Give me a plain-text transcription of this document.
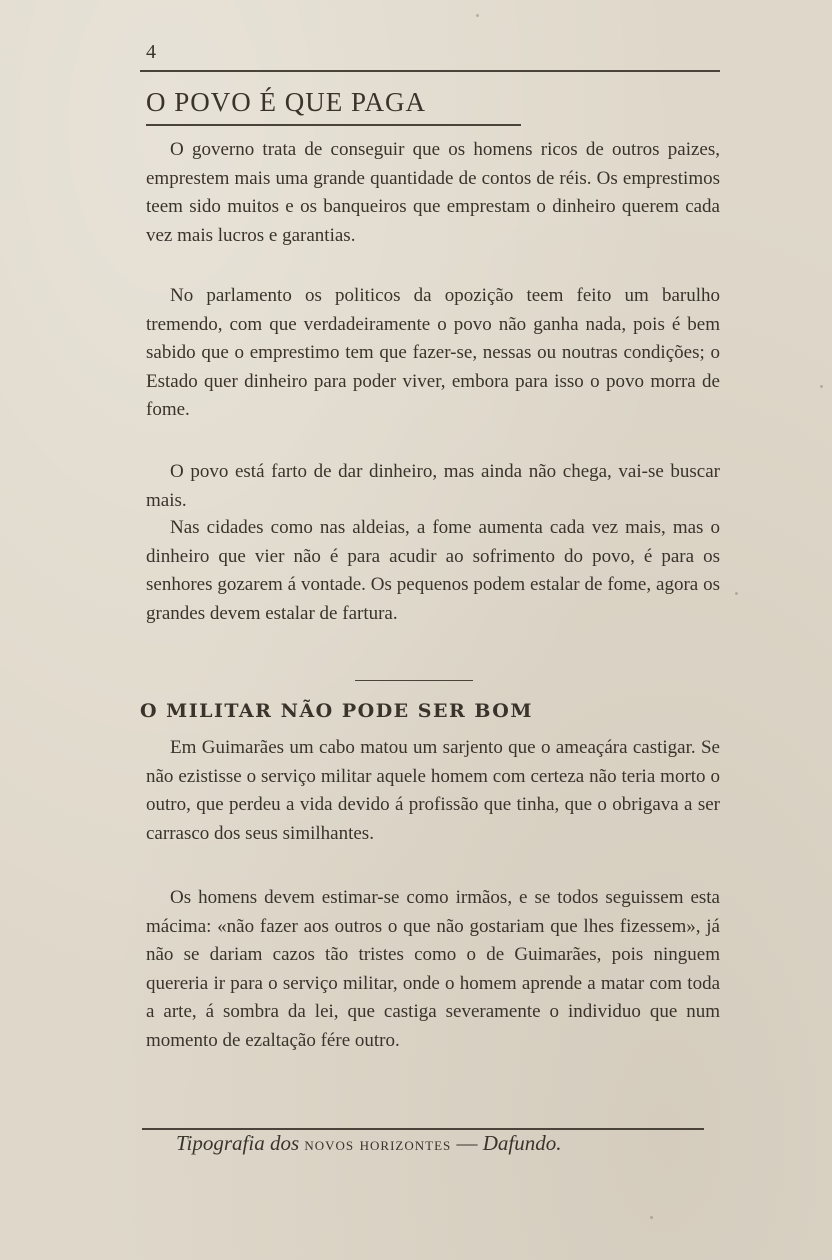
4
O POVO É QUE PAGA

O governo trata de conseguir que os homens ricos de outros paizes, emprestem mais uma grande quantidade de contos de réis. Os emprestimos teem sido muitos e os banqueiros que emprestam o dinheiro querem cada vez mais lucros e garantias.

No parlamento os politicos da opozição teem feito um barulho tremendo, com que verdadeiramente o povo não ganha nada, pois é bem sabido que o emprestimo tem que fazer-se, nessas ou noutras condições; o Estado quer dinheiro para poder viver, embora para isso o povo morra de fome.

O povo está farto de dar dinheiro, mas ainda não chega, vai-se buscar mais.

Nas cidades como nas aldeias, a fome aumenta cada vez mais, mas o dinheiro que vier não é para acudir ao sofrimento do povo, é para os senhores gozarem á vontade. Os pequenos podem estalar de fome, agora os grandes devem estalar de fartura.

O MILITAR NÃO PODE SER BOM

Em Guimarães um cabo matou um sarjento que o ameaçára castigar. Se não ezistisse o serviço militar aquele homem com certeza não teria morto o outro, que perdeu a vida devido á profissão que tinha, que o obrigava a ser carrasco dos seus similhantes.

Os homens devem estimar-se como irmãos, e se todos seguissem esta mácima: «não fazer aos outros o que não gostariam que lhes fizessem», já não se dariam cazos tão tristes como o de Guimarães, pois ninguem quereria ir para o serviço militar, onde o homem aprende a matar com toda a arte, á sombra da lei, que castiga severamente o individuo que num momento de ezaltação fére outro.

Tipografia dos novos horizontes — Dafundo.
